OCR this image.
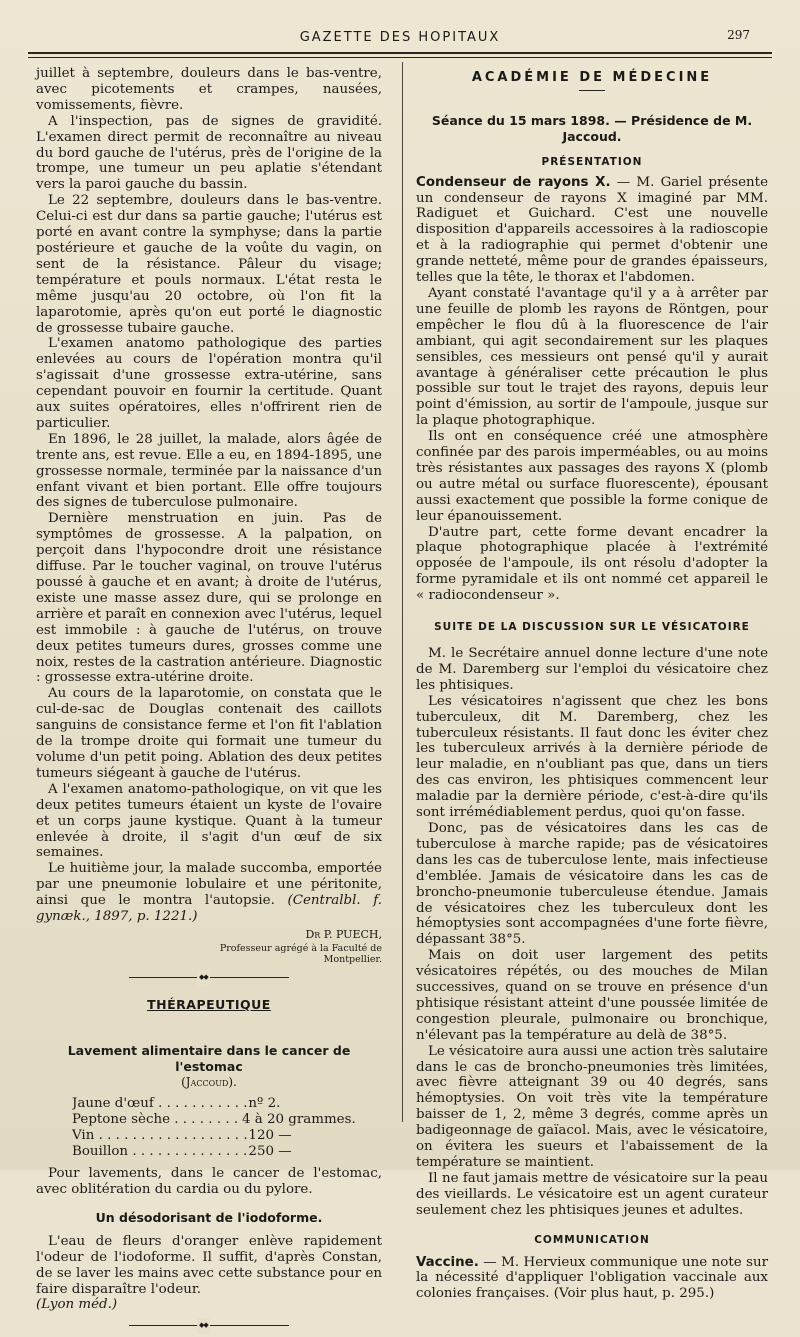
GAZETTE DES HOPITAUX	297

juillet à septembre, douleurs dans le bas-ventre, avec picotements et crampes, nausées, vomissements, fièvre.

A l'inspection, pas de signes de gravidité. L'examen direct permit de reconnaître au niveau du bord gauche de l'utérus, près de l'origine de la trompe, une tumeur un peu aplatie s'étendant vers la paroi gauche du bassin.

Le 22 septembre, douleurs dans le bas-ventre. Celui-ci est dur dans sa partie gauche; l'utérus est porté en avant contre la symphyse; dans la partie postérieure et gauche de la voûte du vagin, on sent de la résistance. Pâleur du visage; température et pouls normaux. L'état resta le même jusqu'au 20 octobre, où l'on fit la laparotomie, après qu'on eut porté le diagnostic de grossesse tubaire gauche.

L'examen anatomo pathologique des parties enlevées au cours de l'opération montra qu'il s'agissait d'une grossesse extra-utérine, sans cependant pouvoir en fournir la certitude. Quant aux suites opératoires, elles n'offrirent rien de particulier.

En 1896, le 28 juillet, la malade, alors âgée de trente ans, est revue. Elle a eu, en 1894-1895, une grossesse normale, terminée par la naissance d'un enfant vivant et bien portant. Elle offre toujours des signes de tuberculose pulmonaire.

Dernière menstruation en juin. Pas de symptômes de grossesse. A la palpation, on perçoit dans l'hypocondre droit une résistance diffuse. Par le toucher vaginal, on trouve l'utérus poussé à gauche et en avant; à droite de l'utérus, existe une masse assez dure, qui se prolonge en arrière et paraît en connexion avec l'utérus, lequel est immobile : à gauche de l'utérus, on trouve deux petites tumeurs dures, grosses comme une noix, restes de la castration antérieure. Diagnostic : grossesse extra-utérine droite.

Au cours de la laparotomie, on constata que le cul-de-sac de Douglas contenait des caillots sanguins de consistance ferme et l'on fit l'ablation de la trompe droite qui formait une tumeur du volume d'un petit poing. Ablation des deux petites tumeurs siégeant à gauche de l'utérus.

A l'examen anatomo-pathologique, on vit que les deux petites tumeurs étaient un kyste de l'ovaire et un corps jaune kystique. Quant à la tumeur enlevée à droite, il s'agit d'un œuf de six semaines.

Le huitième jour, la malade succomba, emportée par une pneumonie lobulaire et une péritonite, ainsi que le montra l'autopsie. (Centralbl. f. gynæk., 1897, p. 1221.)

Dr P. PUECH,
Professeur agrégé à la Faculté de Montpellier.
◆◆
THÉRAPEUTIQUE
Lavement alimentaire dans le cancer de l'estomac
(Jaccoud).
Jaune d'œuf . . .	nº 2.
Peptone sèche . . .	4 à 20 grammes.
Vin . . .	120 —
Bouillon . . .	250 —

Pour lavements, dans le cancer de l'estomac, avec oblitération du cardia ou du pylore.

Un désodorisant de l'iodoforme.

L'eau de fleurs d'oranger enlève rapidement l'odeur de l'iodoforme. Il suffit, d'après Constan, de se laver les mains avec cette substance pour en faire disparaître l'odeur.

(Lyon méd.)

◆◆
ACADÉMIE DE MÉDECINE
Séance du 15 mars 1898. — Présidence de M. Jaccoud.
PRÉSENTATION

Condenseur de rayons X. — M. Gariel présente un condenseur de rayons X imaginé par MM. Radiguet et Guichard. C'est une nouvelle disposition d'appareils accessoires à la radioscopie et à la radiographie qui permet d'obtenir une grande netteté, même pour de grandes épaisseurs, telles que la tête, le thorax et l'abdomen.

Ayant constaté l'avantage qu'il y a à arrêter par une feuille de plomb les rayons de Röntgen, pour empêcher le flou dû à la fluorescence de l'air ambiant, qui agit secondairement sur les plaques sensibles, ces messieurs ont pensé qu'il y aurait avantage à généraliser cette précaution le plus possible sur tout le trajet des rayons, depuis leur point d'émission, au sortir de l'ampoule, jusque sur la plaque photographique.

Ils ont en conséquence créé une atmosphère confinée par des parois imperméables, ou au moins très résistantes aux passages des rayons X (plomb ou autre métal ou surface fluorescente), épousant aussi exactement que possible la forme conique de leur épanouissement.

D'autre part, cette forme devant encadrer la plaque photographique placée à l'extrémité opposée de l'ampoule, ils ont résolu d'adopter la forme pyramidale et ils ont nommé cet appareil le « radiocondenseur ».

SUITE DE LA DISCUSSION SUR LE VÉSICATOIRE

M. le Secrétaire annuel donne lecture d'une note de M. Daremberg sur l'emploi du vésicatoire chez les phtisiques.

Les vésicatoires n'agissent que chez les bons tuberculeux, dit M. Daremberg, chez les tuberculeux résistants. Il faut donc les éviter chez les tuberculeux arrivés à la dernière période de leur maladie, en n'oubliant pas que, dans un tiers des cas environ, les phtisiques commencent leur maladie par la dernière période, c'est-à-dire qu'ils sont irrémédiablement perdus, quoi qu'on fasse.

Donc, pas de vésicatoires dans les cas de tuberculose à marche rapide; pas de vésicatoires dans les cas de tuberculose lente, mais infectieuse d'emblée. Jamais de vésicatoire dans les cas de broncho-pneumonie tuberculeuse étendue. Jamais de vésicatoires chez les tuberculeux dont les hémoptysies sont accompagnées d'une forte fièvre, dépassant 38°5.

Mais on doit user largement des petits vésicatoires répétés, ou des mouches de Milan successives, quand on se trouve en présence d'un phtisique résistant atteint d'une poussée limitée de congestion pleurale, pulmonaire ou bronchique, n'élevant pas la température au delà de 38°5.

Le vésicatoire aura aussi une action très salutaire dans le cas de broncho-pneumonies très limitées, avec fièvre atteignant 39 ou 40 degrés, sans hémoptysies. On voit très vite la température baisser de 1, 2, même 3 degrés, comme après un badigeonnage de gaïacol. Mais, avec le vésicatoire, on évitera les sueurs et l'abaissement de la température se maintient.

Il ne faut jamais mettre de vésicatoire sur la peau des vieillards. Le vésicatoire est un agent curateur seulement chez les phtisiques jeunes et adultes.

COMMUNICATION

Vaccine. — M. Hervieux communique une note sur la nécessité d'appliquer l'obligation vaccinale aux colonies françaises. (Voir plus haut, p. 295.)
